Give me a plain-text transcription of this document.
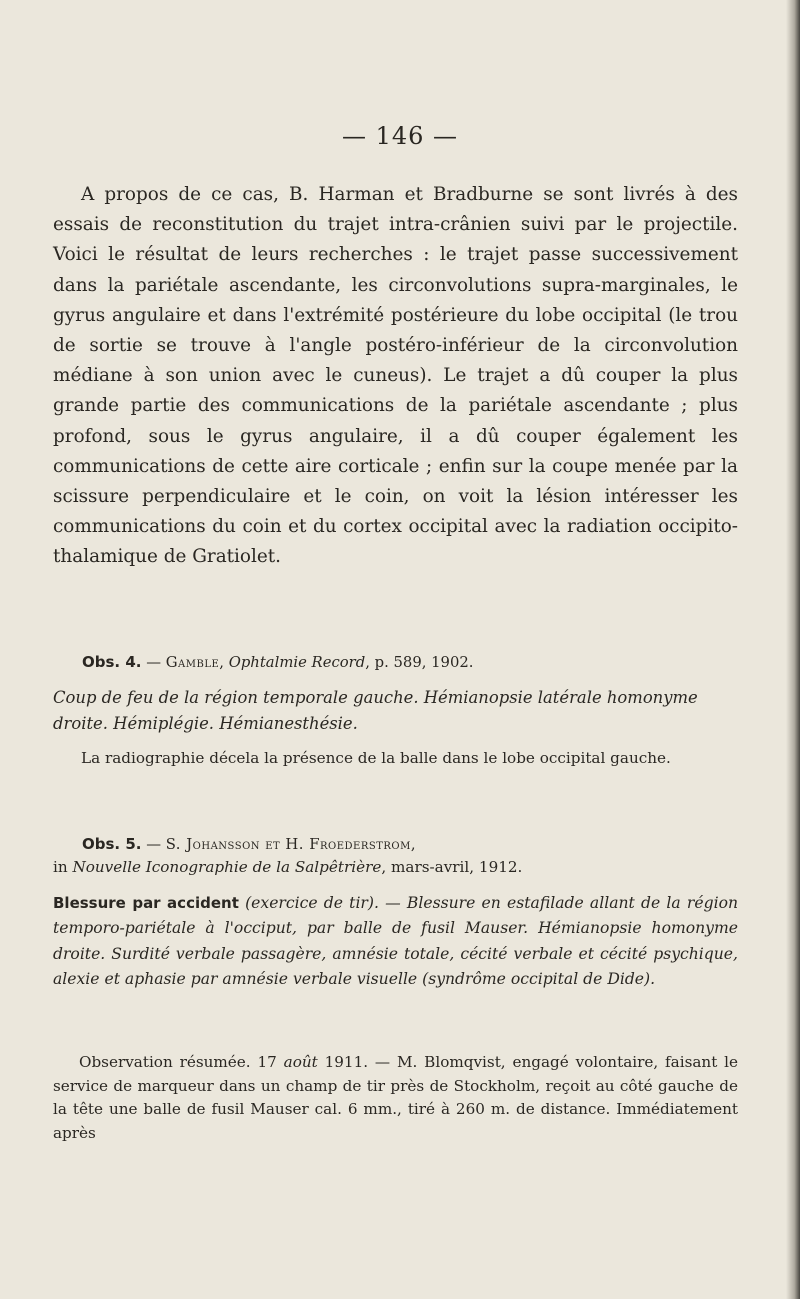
— 146 —

A propos de ce cas, B. Harman et Bradburne se sont livrés à des essais de reconstitution du trajet intra-crânien suivi par le projectile. Voici le résultat de leurs recherches : le trajet passe successivement dans la pariétale ascendante, les circonvolutions supra-marginales, le gyrus angulaire et dans l'extrémité postérieure du lobe occipital (le trou de sortie se trouve à l'angle postéro-inférieur de la circonvolution médiane à son union avec le cuneus). Le trajet a dû couper la plus grande partie des communications de la pariétale ascendante ; plus profond, sous le gyrus angulaire, il a dû couper également les communications de cette aire corticale ; enfin sur la coupe menée par la scissure perpendiculaire et le coin, on voit la lésion intéresser les communications du coin et du cortex occipital avec la radiation occipito-thalamique de Gratiolet.

Obs. 4. — Gamble, Ophtalmie Record, p. 589, 1902.

Coup de feu de la région temporale gauche. Hémianopsie latérale homonyme droite. Hémiplégie. Hémianesthésie.

La radiographie décela la présence de la balle dans le lobe occipital gauche.

Obs. 5. — S. Johansson et H. Froederstrom,
in Nouvelle Iconographie de la Salpêtrière, mars-avril, 1912.

Blessure par accident (exercice de tir). — Blessure en estafilade allant de la région temporo-pariétale à l'occiput, par balle de fusil Mauser. Hémianopsie homonyme droite. Surdité verbale passagère, amnésie totale, cécité verbale et cécité psychique, alexie et aphasie par amnésie verbale visuelle (syndrôme occipital de Dide).

Observation résumée. 17 août 1911. — M. Blomqvist, engagé volontaire, faisant le service de marqueur dans un champ de tir près de Stockholm, reçoit au côté gauche de la tête une balle de fusil Mauser cal. 6 mm., tiré à 260 m. de distance. Immédiatement après
